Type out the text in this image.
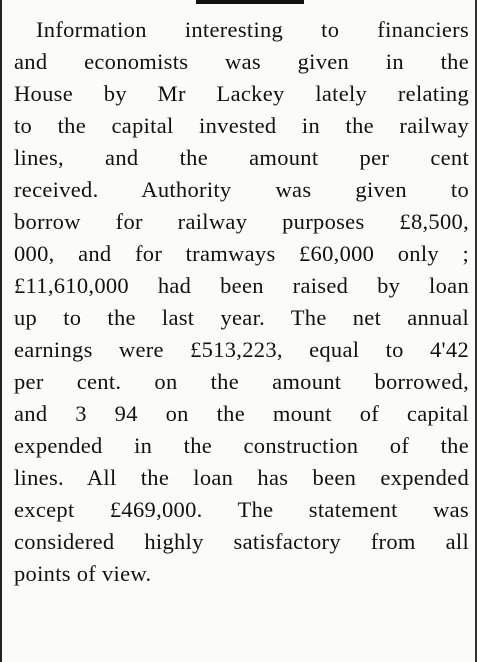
Information interesting to financiers
and economists was given in the
House by Mr Lackey lately relating
to the capital invested in the railway
lines, and the amount per cent
received. Authority was given to
borrow for railway purposes £8,500,
000, and for tramways £60,000 only ;
£11,610,000 had been raised by loan
up to the last year. The net annual
earnings were £513,223, equal to 4'42
per cent. on the amount borrowed,
and 3 94 on the mount of capital
expended in the construction of the
lines. All the loan has been expended
except £469,000. The statement was
considered highly satisfactory from all
points of view.
